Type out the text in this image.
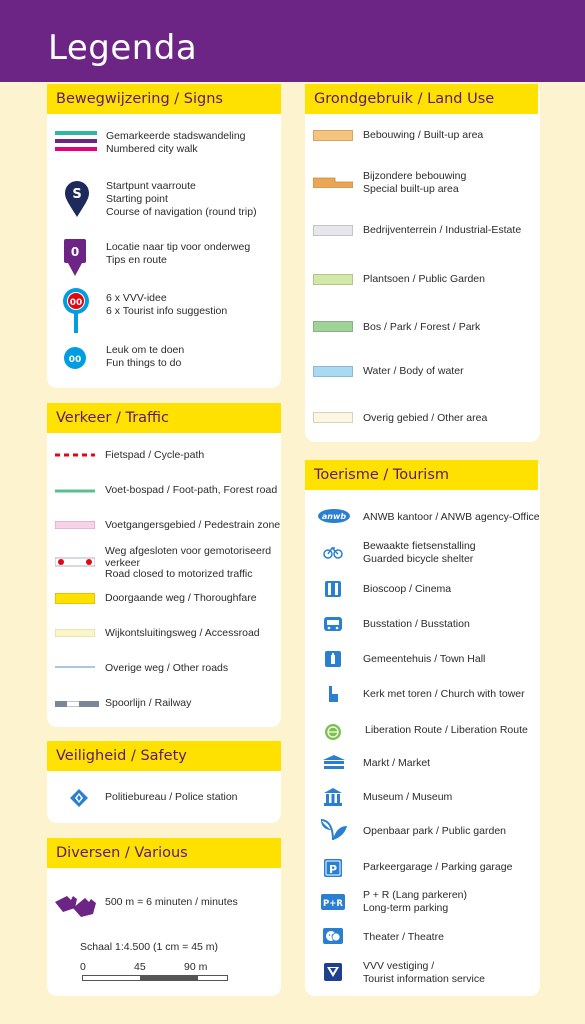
Legenda
Bewegwijzering / Signs
Gemarkeerde stadswandeling
Numbered city walk
S
Startpunt vaarroute
Starting point
Course of navigation (round trip)
0	Locatie naar tip voor onderweg
Tips en route
00 6 x VVV-idee
6 x Tourist info suggestion
00
Leuk om te doen
Fun things to do
Verkeer / Traffic
Fietspad / Cycle-path
Voet-bospad / Foot-path, Forest road
Voetgangersgebied / Pedestrain zone
Weg afgesloten voor gemotoriseerd
verkeer
Road closed to motorized traffic
Doorgaande weg / Thoroughfare
Wijkontsluitingsweg / Accessroad
Overige weg / Other roads
Spoorlijn / Railway
Veiligheid / Safety
Politiebureau / Police station
Diversen / Various
500 m = 6 minuten / minutes
Schaal 1:4.500 (1 cm = 45 m)
0	45	90 m
Grondgebruik / Land Use
Bebouwing / Built-up area
Bijzondere bebouwing
Special built-up area
Bedrijventerrein / Industrial-Estate
Plantsoen / Public Garden
Bos / Park / Forest / Park
Water / Body of water
Overig gebied / Other area
Toerisme / Tourism
anwb ANWB kantoor / ANWB agency-Office
Bewaakte fietsenstalling
Guarded bicycle shelter
Bioscoop / Cinema
Busstation / Busstation
Gemeentehuis / Town Hall
Kerk met toren / Church with tower
Liberation Route / Liberation Route
Markt / Market
Museum / Museum
Openbaar park / Public garden
P Parkeergarage / Parking garage
P+R
P + R (Lang parkeren)
Long-term parking
Theater / Theatre
VVV vestiging /
Tourist information service
